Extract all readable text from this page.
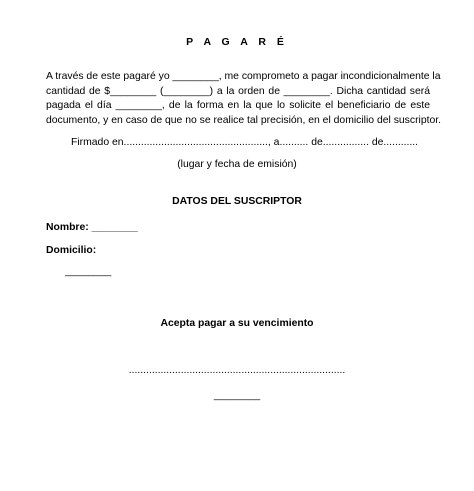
P A G A R É
A través de este pagaré yo ________, me comprometo a pagar incondicionalmente la
cantidad de $________ (________) a la orden de ________. Dicha cantidad será
pagada el día ________, de la forma en la que lo solicite el beneficiario de este
documento, y en caso de que no se realice tal precisión, en el domicilio del suscriptor.
Firmado en.................................................., a.......... de................ de............
(lugar y fecha de emisión)
DATOS DEL SUSCRIPTOR
Nombre: ________
Domicilio:
________
Acepta pagar a su vencimiento
...........................................................................
________
